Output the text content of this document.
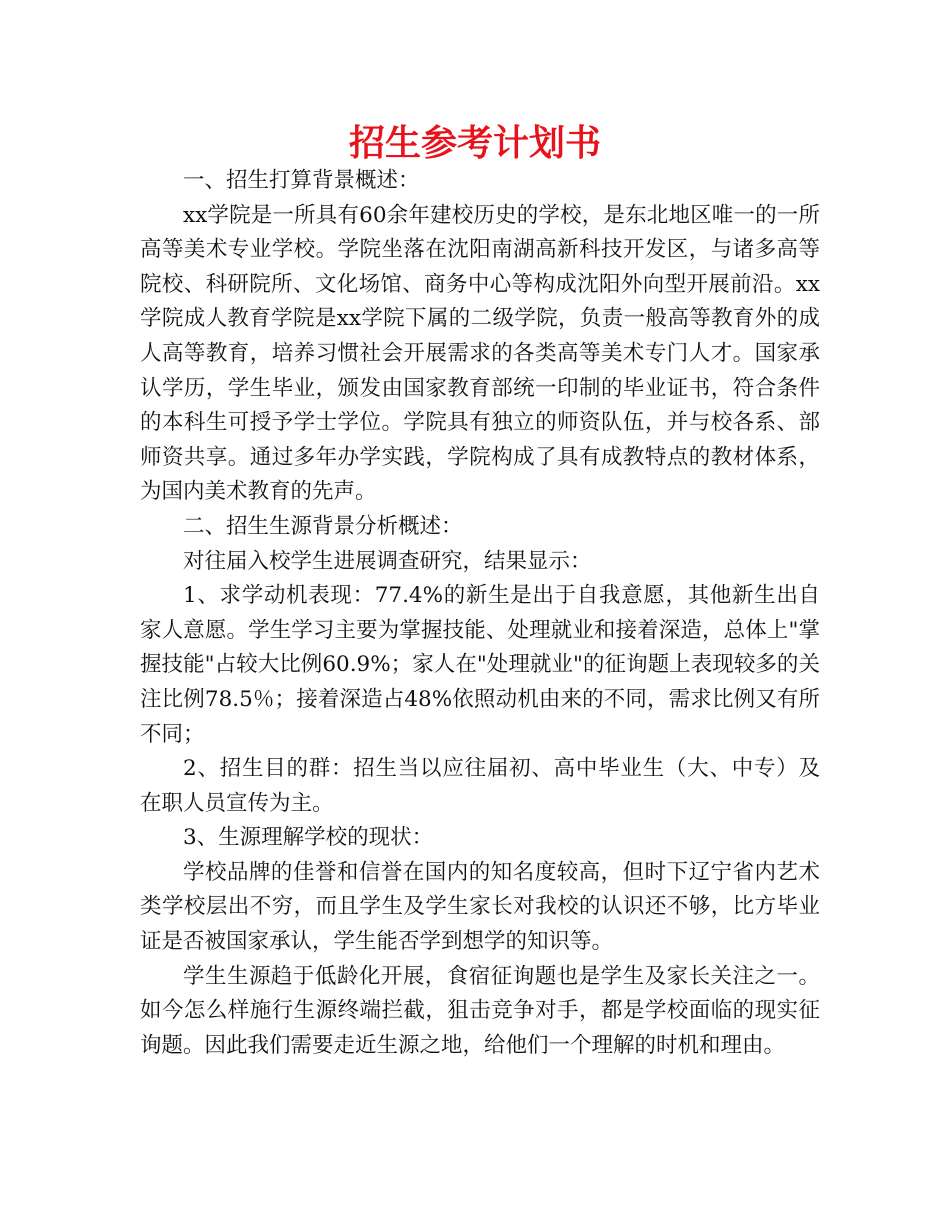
招生参考计划书

一、招生打算背景概述：

xx学院是一所具有60余年建校历史的学校，是东北地区唯一的一所高等美术专业学校。学院坐落在沈阳南湖高新科技开发区，与诸多高等院校、科研院所、文化场馆、商务中心等构成沈阳外向型开展前沿。xx学院成人教育学院是xx学院下属的二级学院，负责一般高等教育外的成人高等教育，培养习惯社会开展需求的各类高等美术专门人才。国家承认学历，学生毕业，颁发由国家教育部统一印制的毕业证书，符合条件的本科生可授予学士学位。学院具有独立的师资队伍，并与校各系、部师资共享。通过多年办学实践，学院构成了具有成教特点的教材体系，为国内美术教育的先声。

二、招生生源背景分析概述：

对往届入校学生进展调查研究，结果显示：

1、求学动机表现：77.4%的新生是出于自我意愿，其他新生出自家人意愿。学生学习主要为掌握技能、处理就业和接着深造，总体上"掌握技能"占较大比例60.9%；家人在"处理就业"的征询题上表现较多的关注比例78.5％；接着深造占48%依照动机由来的不同，需求比例又有所不同；

2、招生目的群：招生当以应往届初、高中毕业生（大、中专）及在职人员宣传为主。

3、生源理解学校的现状：

学校品牌的佳誉和信誉在国内的知名度较高，但时下辽宁省内艺术类学校层出不穷，而且学生及学生家长对我校的认识还不够，比方毕业证是否被国家承认，学生能否学到想学的知识等。

学生生源趋于低龄化开展，食宿征询题也是学生及家长关注之一。如今怎么样施行生源终端拦截，狙击竞争对手，都是学校面临的现实征询题。因此我们需要走近生源之地，给他们一个理解的时机和理由。
